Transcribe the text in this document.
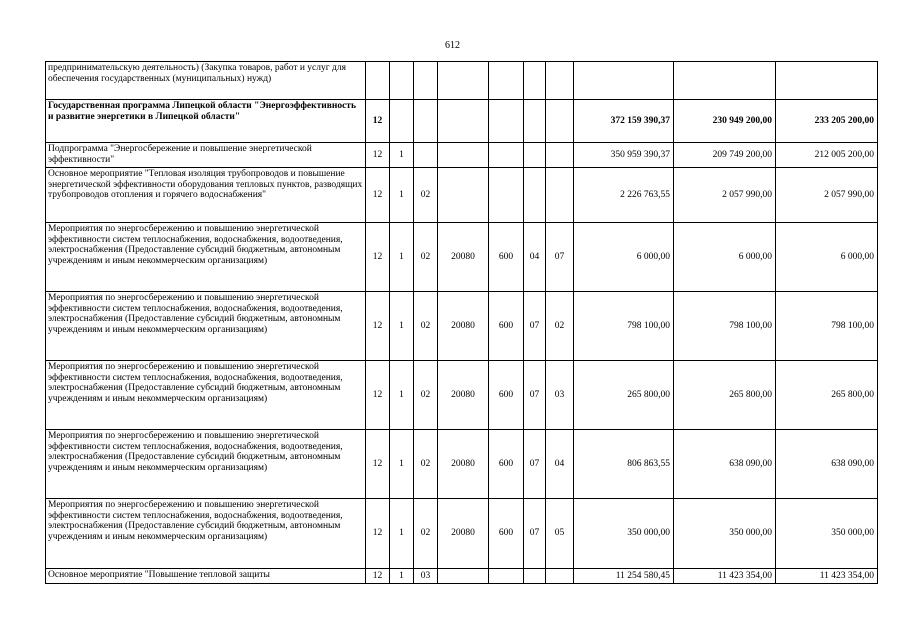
612
предпринимательскую деятельность) (Закупка товаров, работ и услуг для обеспечения государственных (муниципальных) нужд)										
Государственная программа Липецкой области "Энергоэффективность и развитие энергетики в Липецкой области"	12							372 159 390,37	230 949 200,00	233 205 200,00
Подпрограмма "Энергосбережение и повышение энергетической эффективности"	12	1						350 959 390,37	209 749 200,00	212 005 200,00
Основное мероприятие "Тепловая изоляция трубопроводов и повышение энергетической эффективности оборудования тепловых пунктов, разводящих трубопроводов отопления и горячего водоснабжения"	12	1	02					2 226 763,55	2 057 990,00	2 057 990,00
Мероприятия по энергосбережению и повышению энергетической эффективности систем теплоснабжения, водоснабжения, водоотведения, электроснабжения (Предоставление субсидий бюджетным, автономным учреждениям и иным некоммерческим организациям)	12	1	02	20080	600	04	07	6 000,00	6 000,00	6 000,00
Мероприятия по энергосбережению и повышению энергетической эффективности систем теплоснабжения, водоснабжения, водоотведения, электроснабжения (Предоставление субсидий бюджетным, автономным учреждениям и иным некоммерческим организациям)	12	1	02	20080	600	07	02	798 100,00	798 100,00	798 100,00
Мероприятия по энергосбережению и повышению энергетической эффективности систем теплоснабжения, водоснабжения, водоотведения, электроснабжения (Предоставление субсидий бюджетным, автономным учреждениям и иным некоммерческим организациям)	12	1	02	20080	600	07	03	265 800,00	265 800,00	265 800,00
Мероприятия по энергосбережению и повышению энергетической эффективности систем теплоснабжения, водоснабжения, водоотведения, электроснабжения (Предоставление субсидий бюджетным, автономным учреждениям и иным некоммерческим организациям)	12	1	02	20080	600	07	04	806 863,55	638 090,00	638 090,00
Мероприятия по энергосбережению и повышению энергетической эффективности систем теплоснабжения, водоснабжения, водоотведения, электроснабжения (Предоставление субсидий бюджетным, автономным учреждениям и иным некоммерческим организациям)	12	1	02	20080	600	07	05	350 000,00	350 000,00	350 000,00
Основное мероприятие "Повышение тепловой защиты	12	1	03					11 254 580,45	11 423 354,00	11 423 354,00
